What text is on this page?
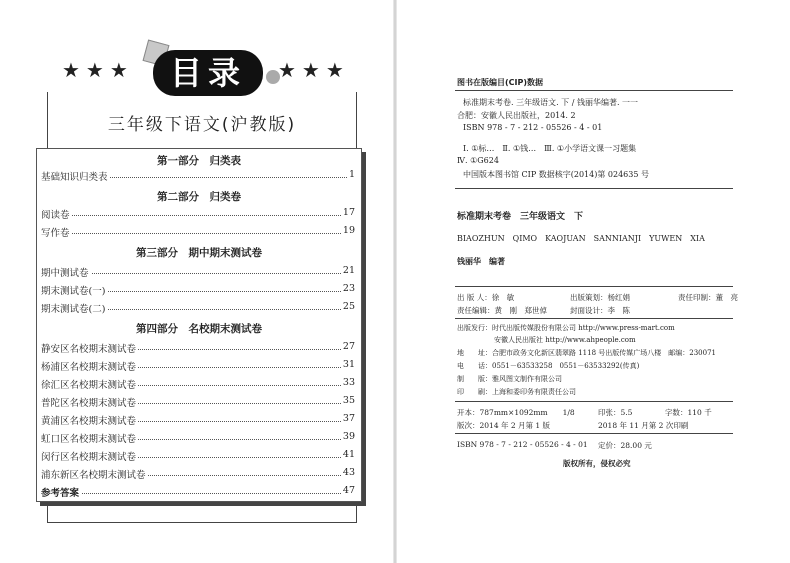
★★★	目录	★★★
三年级下语文(沪教版)
第一部分　归类表
基础知识归类表	1
第二部分　归类卷
阅读卷	17
写作卷	19
第三部分　期中期末测试卷
期中测试卷	21
期末测试卷(一)	23
期末测试卷(二)	25
第四部分　名校期末测试卷
静安区名校期末测试卷	27
杨浦区名校期末测试卷	31
徐汇区名校期末测试卷	33
普陀区名校期末测试卷	35
黄浦区名校期末测试卷	37
虹口区名校期末测试卷	39
闵行区名校期末测试卷	41
浦东新区名校期末测试卷	43
参考答案	47
图书在版编目(CIP)数据
标准期末考卷. 三年级语文. 下 / 钱丽华编著. 一一
合肥：安徽人民出版社，2014. 2
ISBN 978 - 7 - 212 - 05526 - 4 - 01
Ⅰ. ①标…　Ⅱ. ①钱…　Ⅲ. ①小学语文课一习题集
Ⅳ. ①G624
中国版本图书馆 CIP 数据核字(2014)第 024635 号
标准期末考卷　三年级语文　下
BIAOZHUN　QIMO　KAOJUAN　SANNIANJI　YUWEN　XIA
钱丽华　编著
出 版 人：徐　敏	出版策划：杨红娟	责任印制：董　亮
责任编辑：黄　刚　郑世倬	封面设计：李　陈
出版发行：时代出版传媒股份有限公司 http://www.press-mart.com
安徽人民出版社 http://www.ahpeople.com
地　　址：合肥市政务文化新区翡翠路 1118 号出版传媒广场八楼　邮编：230071
电　　话：0551－63533258　0551－63533292(传真)
制　　版：雅风图文制作有限公司
印　　刷：上海和委印务有限责任公司
开本：787mm×1092mm　　1/8	印张：5.5	字数：110 千
版次：2014 年 2 月第 1 版	2018 年 11 月第 2 次印刷
ISBN 978 - 7 - 212 - 05526 - 4 - 01 定价：28.00 元
版权所有，侵权必究
